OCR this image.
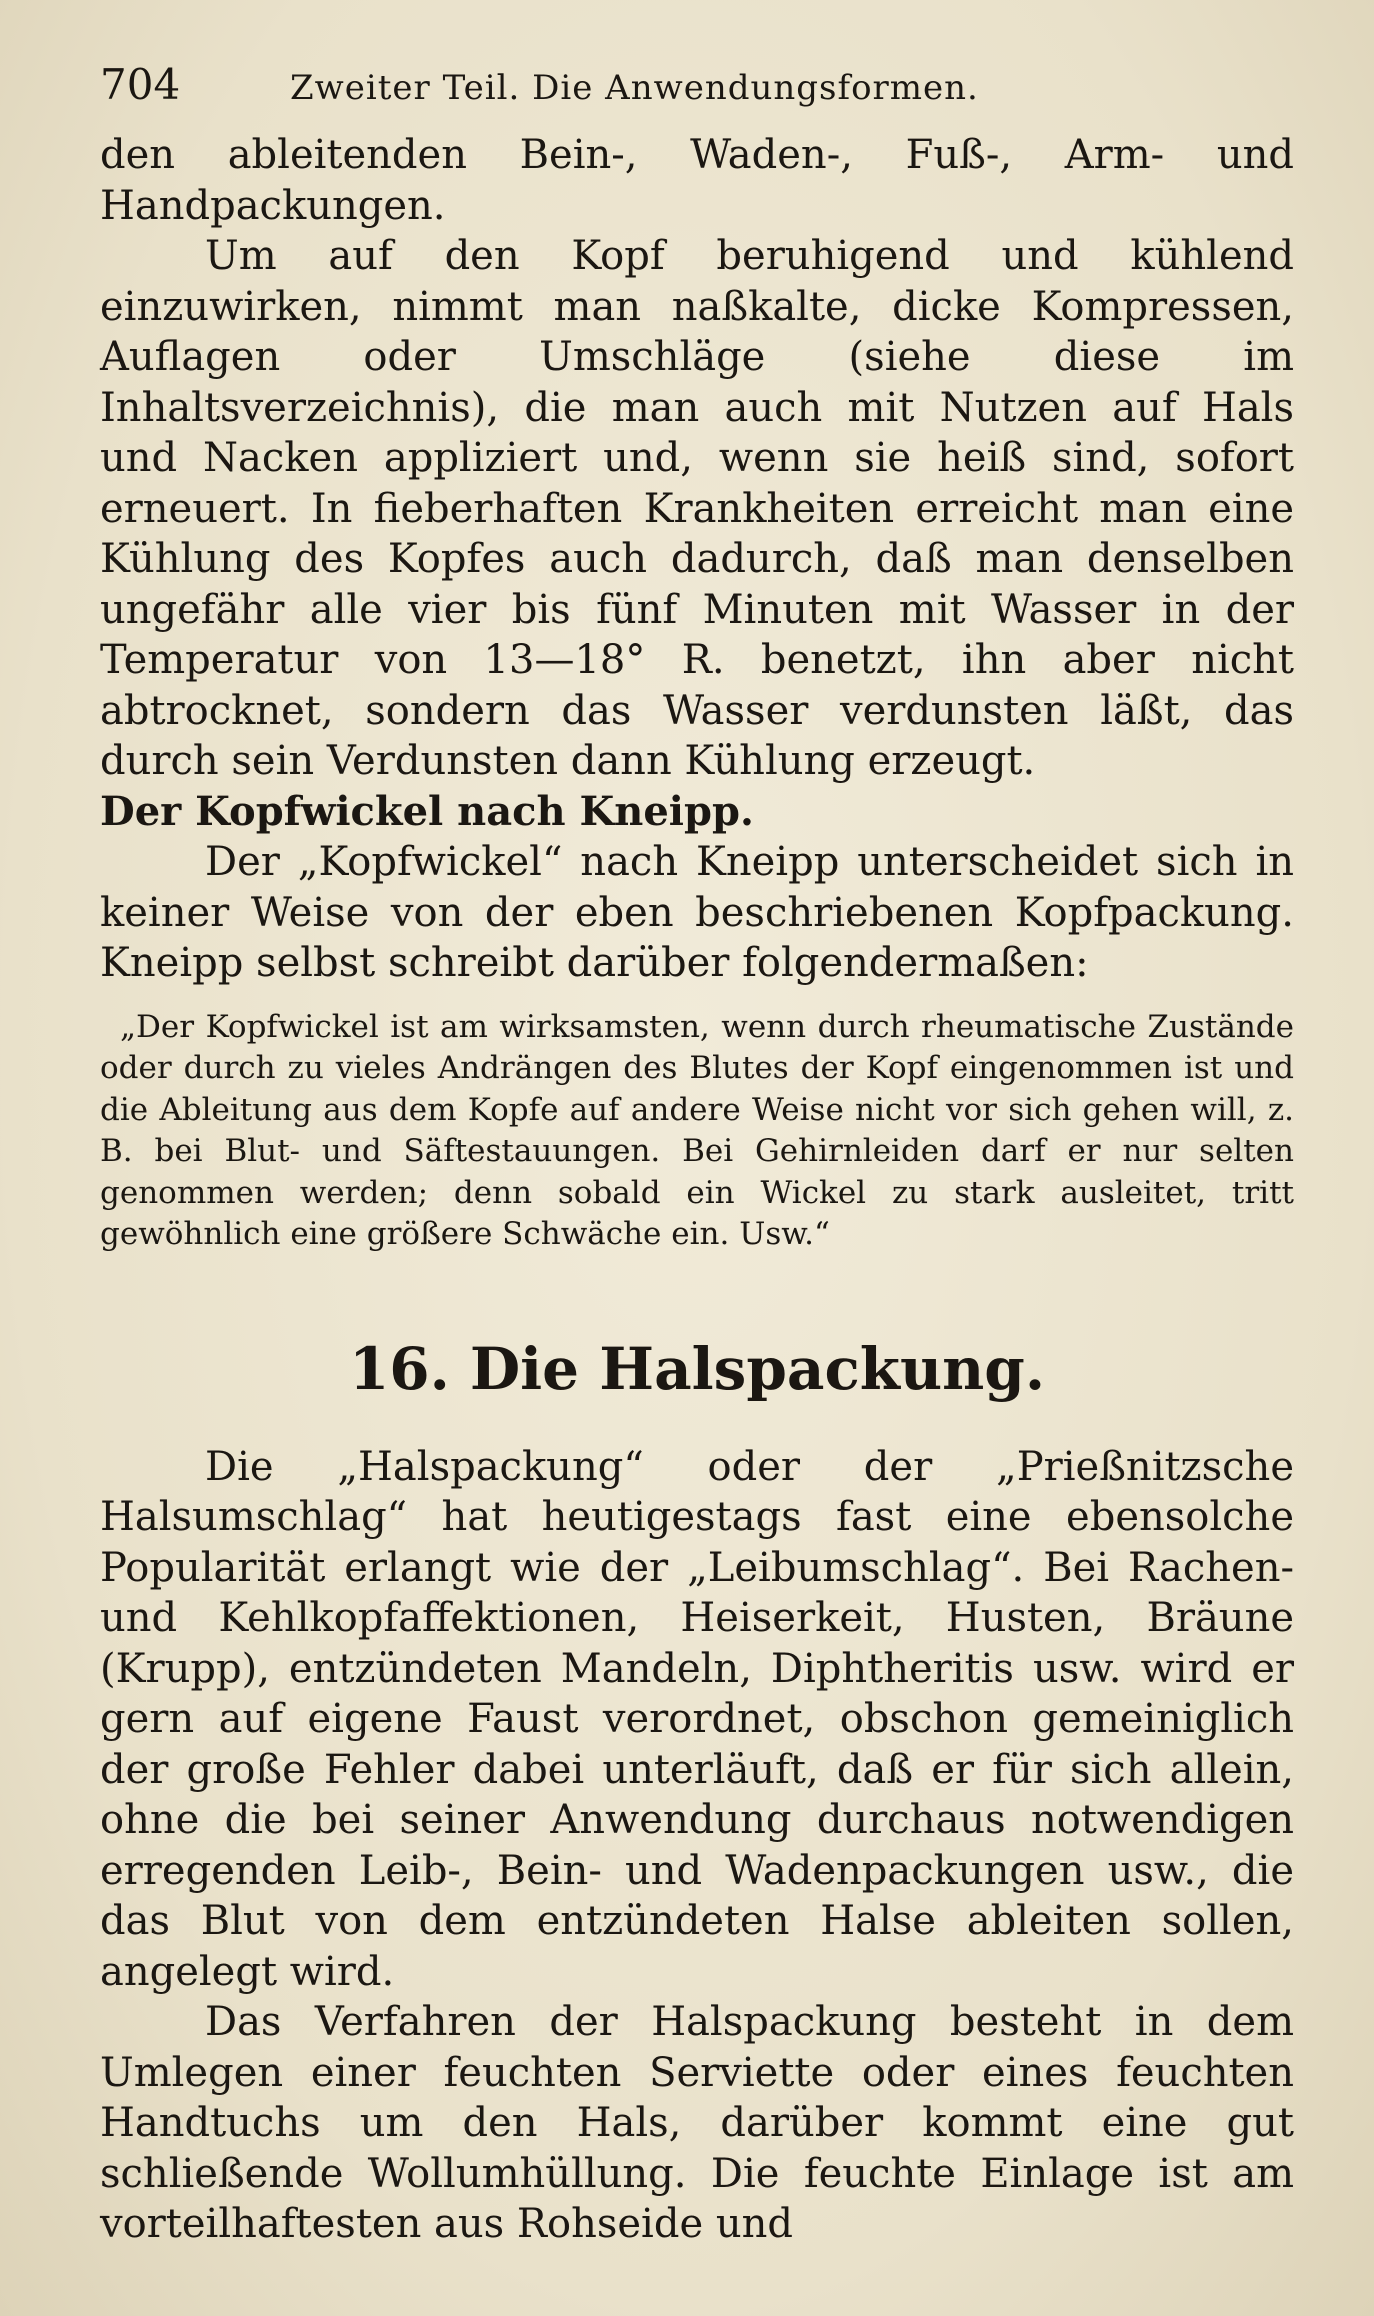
704	Zweiter Teil. Die Anwendungsformen.

den ableitenden Bein-, Waden-, Fuß-, Arm- und Handpackungen.

Um auf den Kopf beruhigend und kühlend einzuwirken, nimmt man naßkalte, dicke Kompressen, Auflagen oder Umschläge (siehe diese im Inhaltsverzeichnis), die man auch mit Nutzen auf Hals und Nacken appliziert und, wenn sie heiß sind, sofort erneuert. In fieberhaften Krankheiten erreicht man eine Kühlung des Kopfes auch dadurch, daß man denselben ungefähr alle vier bis fünf Minuten mit Wasser in der Temperatur von 13—18° R. benetzt, ihn aber nicht abtrocknet, sondern das Wasser verdunsten läßt, das durch sein Verdunsten dann Kühlung erzeugt.

Der Kopfwickel nach Kneipp.

Der „Kopfwickel“ nach Kneipp unterscheidet sich in keiner Weise von der eben beschriebenen Kopfpackung. Kneipp selbst schreibt darüber folgendermaßen:

„Der Kopfwickel ist am wirksamsten, wenn durch rheumatische Zustände oder durch zu vieles Andrängen des Blutes der Kopf eingenommen ist und die Ableitung aus dem Kopfe auf andere Weise nicht vor sich gehen will, z. B. bei Blut- und Säftestauungen. Bei Gehirnleiden darf er nur selten genommen werden; denn sobald ein Wickel zu stark ausleitet, tritt gewöhnlich eine größere Schwäche ein. Usw.“

16. Die Halspackung.

Die „Halspackung“ oder der „Prießnitzsche Halsumschlag“ hat heutigestags fast eine ebensolche Popularität erlangt wie der „Leibumschlag“. Bei Rachen- und Kehlkopfaffektionen, Heiserkeit, Husten, Bräune (Krupp), entzündeten Mandeln, Diphtheritis usw. wird er gern auf eigene Faust verordnet, obschon gemeiniglich der große Fehler dabei unterläuft, daß er für sich allein, ohne die bei seiner Anwendung durchaus notwendigen erregenden Leib-, Bein- und Wadenpackungen usw., die das Blut von dem entzündeten Halse ableiten sollen, angelegt wird.

Das Verfahren der Halspackung besteht in dem Umlegen einer feuchten Serviette oder eines feuchten Handtuchs um den Hals, darüber kommt eine gut schließende Wollumhüllung. Die feuchte Einlage ist am vorteilhaftesten aus Rohseide und
